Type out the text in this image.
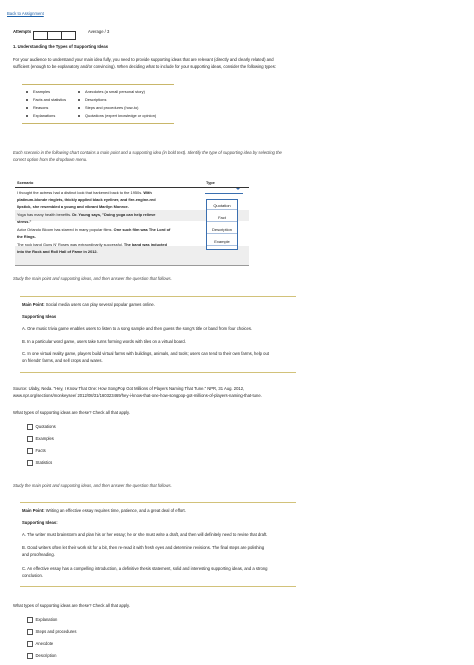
Back to Assignment
Attempts	Average / 3
1. Understanding the Types of Supporting Ideas
For your audience to understand your main idea fully, you need to provide supporting ideas that are relevant (directly and clearly related) and
sufficient (enough to be explanatory and/or convincing). When deciding what to include for your supporting ideas, consider the following types:
Examples
Facts and statistics
Reasons
Explanations
Anecdotes (a small personal story)
Descriptions
Steps and procedures (how-to)
Quotations (expert knowledge or opinion)
Each scenario in the following chart contains a main point and a supporting idea (in bold text). Identify the type of supporting idea by selecting the
correct option from the dropdown menu.
Scenario	Type
I thought the actress had a distinct look that harkened back to the 1950s. With
platinum-blonde ringlets, thickly applied black eyeliner, and fire-engine-red
lipstick, she resembled a young and vibrant Marilyn Monroe.
Yoga has many health benefits. Dr. Young says, "Doing yoga can help relieve
stress."
Actor Orlando Bloom has starred in many popular films. One such film was The Lord of
the Rings.
The rock band Guns N' Roses was extraordinarily successful. The band was inducted
into the Rock and Roll Hall of Fame in 2012.
Quotation
Fact
Description
Example
Study the main point and supporting ideas, and then answer the question that follows.
Main Point: Social media users can play several popular games online.
Supporting Ideas
A. One music trivia game enables users to listen to a song sample and then guess the song's title or band from four choices.
B. In a particular word game, users take turns forming words with tiles on a virtual board.
C. In one virtual reality game, players build virtual farms with buildings, animals, and tools; users can tend to their own farms, help out
on friends' farms, and sell crops and wares.
Source: Ulaby, Neda. "Hey, I Know That One: How SongPop Got Millions of Players Naming That Tune." NPR, 31 Aug. 2012,
www.npr.org/sections/monkeysee/ 2012/08/31/160323469/hey-i-know-that-one-how-songpop-got-millions-of-players-naming-that-tune.
What types of supporting ideas are these? Check all that apply.
Quotations
Examples
Facts
Statistics
Study the main point and supporting ideas, and then answer the question that follows.
Main Point: Writing an effective essay requires time, patience, and a great deal of effort.
Supporting Ideas:
A. The writer must brainstorm and plan his or her essay; he or she must write a draft, and then will definitely need to revise that draft.
B. Good writers often let their work sit for a bit, then re-read it with fresh eyes and determine revisions. The final steps are polishing
and proofreading.
C. An effective essay has a compelling introduction, a definitive thesis statement, solid and interesting supporting ideas, and a strong
conclusion.
What types of supporting ideas are these? Check all that apply.
Explanation
Steps and procedures
Anecdote
Description
